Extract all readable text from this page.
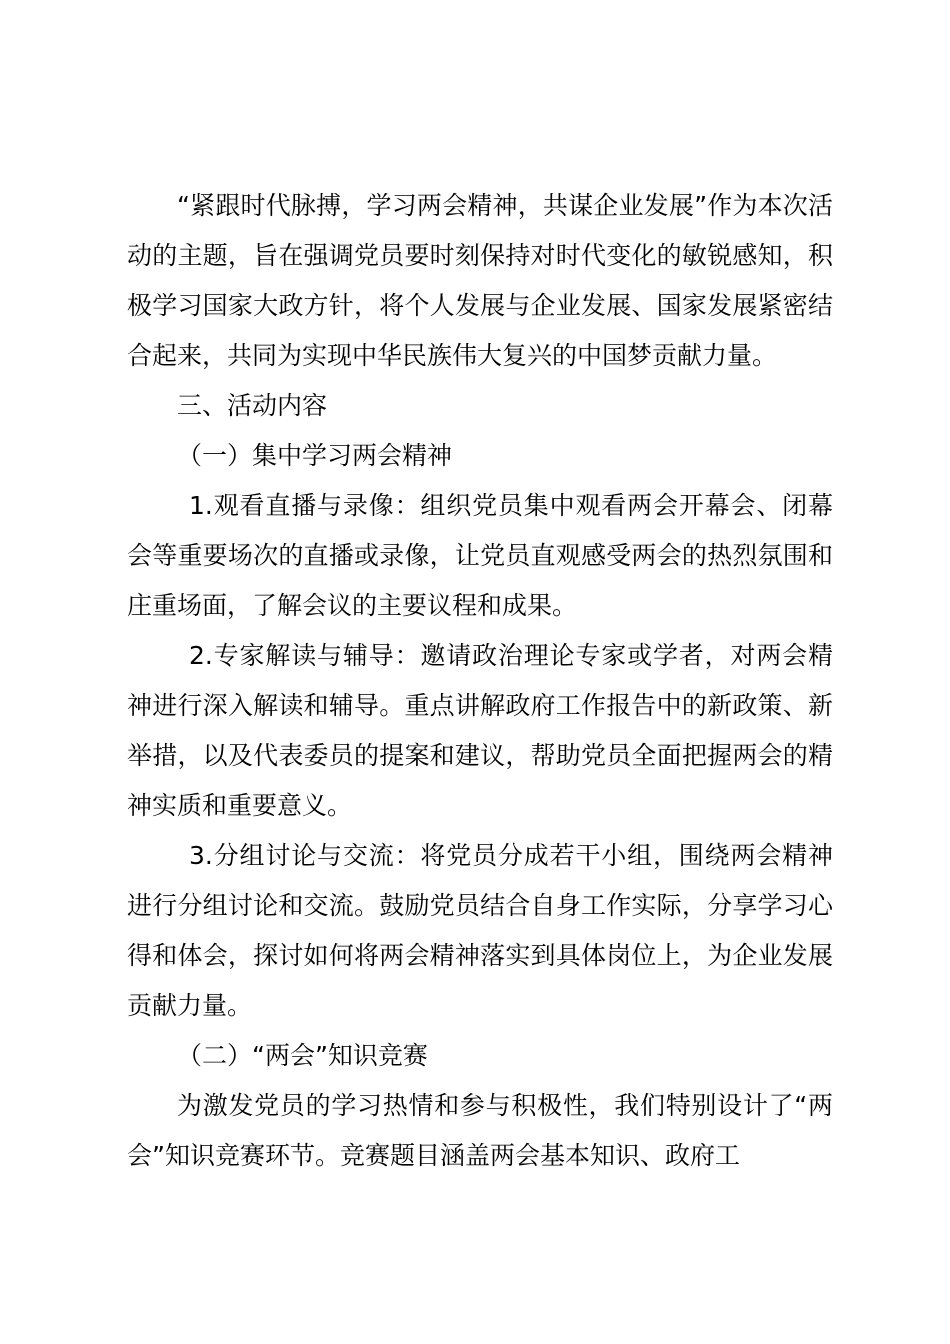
“紧跟时代脉搏，学习两会精神，共谋企业发展”作为本次活动的主题，旨在强调党员要时刻保持对时代变化的敏锐感知，积极学习国家大政方针，将个人发展与企业发展、国家发展紧密结合起来，共同为实现中华民族伟大复兴的中国梦贡献力量。

三、活动内容

（一）集中学习两会精神

1.观看直播与录像：组织党员集中观看两会开幕会、闭幕会等重要场次的直播或录像，让党员直观感受两会的热烈氛围和庄重场面，了解会议的主要议程和成果。

2.专家解读与辅导：邀请政治理论专家或学者，对两会精神进行深入解读和辅导。重点讲解政府工作报告中的新政策、新举措，以及代表委员的提案和建议，帮助党员全面把握两会的精神实质和重要意义。

3.分组讨论与交流：将党员分成若干小组，围绕两会精神进行分组讨论和交流。鼓励党员结合自身工作实际，分享学习心得和体会，探讨如何将两会精神落实到具体岗位上，为企业发展贡献力量。

（二）“两会”知识竞赛

为激发党员的学习热情和参与积极性，我们特别设计了“两会”知识竞赛环节。竞赛题目涵盖两会基本知识、政府工
